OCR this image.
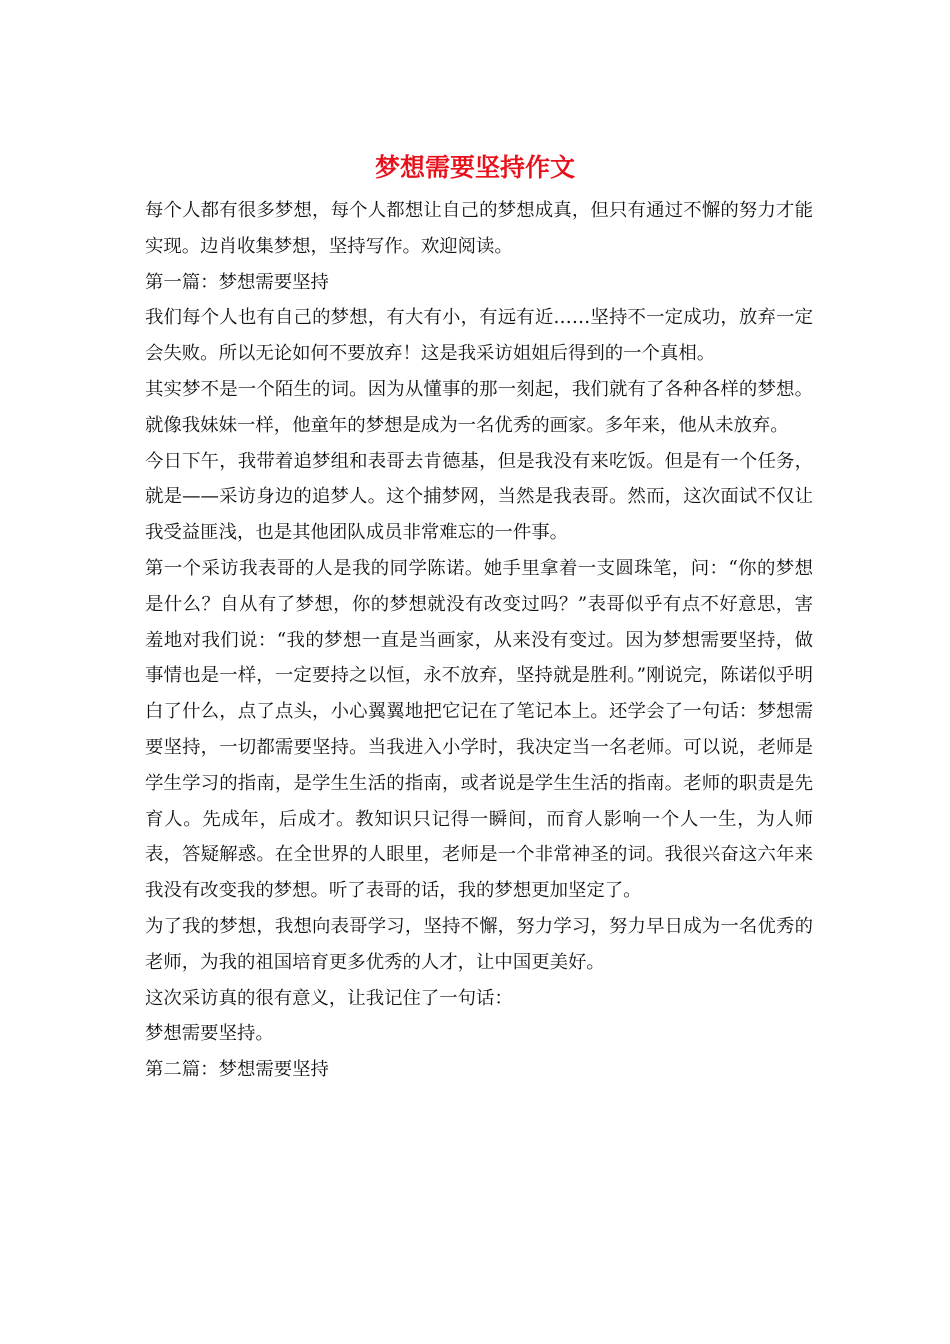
梦想需要坚持作文

每个人都有很多梦想，每个人都想让自己的梦想成真，但只有通过不懈的努力才能实现。边肖收集梦想，坚持写作。欢迎阅读。

第一篇：梦想需要坚持

我们每个人也有自己的梦想，有大有小，有远有近……坚持不一定成功，放弃一定会失败。所以无论如何不要放弃！这是我采访姐姐后得到的一个真相。

其实梦不是一个陌生的词。因为从懂事的那一刻起，我们就有了各种各样的梦想。就像我妹妹一样，他童年的梦想是成为一名优秀的画家。多年来，他从未放弃。

今日下午，我带着追梦组和表哥去肯德基，但是我没有来吃饭。但是有一个任务，就是——采访身边的追梦人。这个捕梦网，当然是我表哥。然而，这次面试不仅让我受益匪浅，也是其他团队成员非常难忘的一件事。

第一个采访我表哥的人是我的同学陈诺。她手里拿着一支圆珠笔，问：“你的梦想是什么？自从有了梦想，你的梦想就没有改变过吗？”表哥似乎有点不好意思，害羞地对我们说：“我的梦想一直是当画家，从来没有变过。因为梦想需要坚持，做事情也是一样，一定要持之以恒，永不放弃，坚持就是胜利。”刚说完，陈诺似乎明白了什么，点了点头，小心翼翼地把它记在了笔记本上。还学会了一句话：梦想需要坚持，一切都需要坚持。当我进入小学时，我决定当一名老师。可以说，老师是学生学习的指南，是学生生活的指南，或者说是学生生活的指南。老师的职责是先育人。先成年，后成才。教知识只记得一瞬间，而育人影响一个人一生，为人师表，答疑解惑。在全世界的人眼里，老师是一个非常神圣的词。我很兴奋这六年来我没有改变我的梦想。听了表哥的话，我的梦想更加坚定了。

为了我的梦想，我想向表哥学习，坚持不懈，努力学习，努力早日成为一名优秀的老师，为我的祖国培育更多优秀的人才，让中国更美好。

这次采访真的很有意义，让我记住了一句话：

梦想需要坚持。

第二篇：梦想需要坚持
